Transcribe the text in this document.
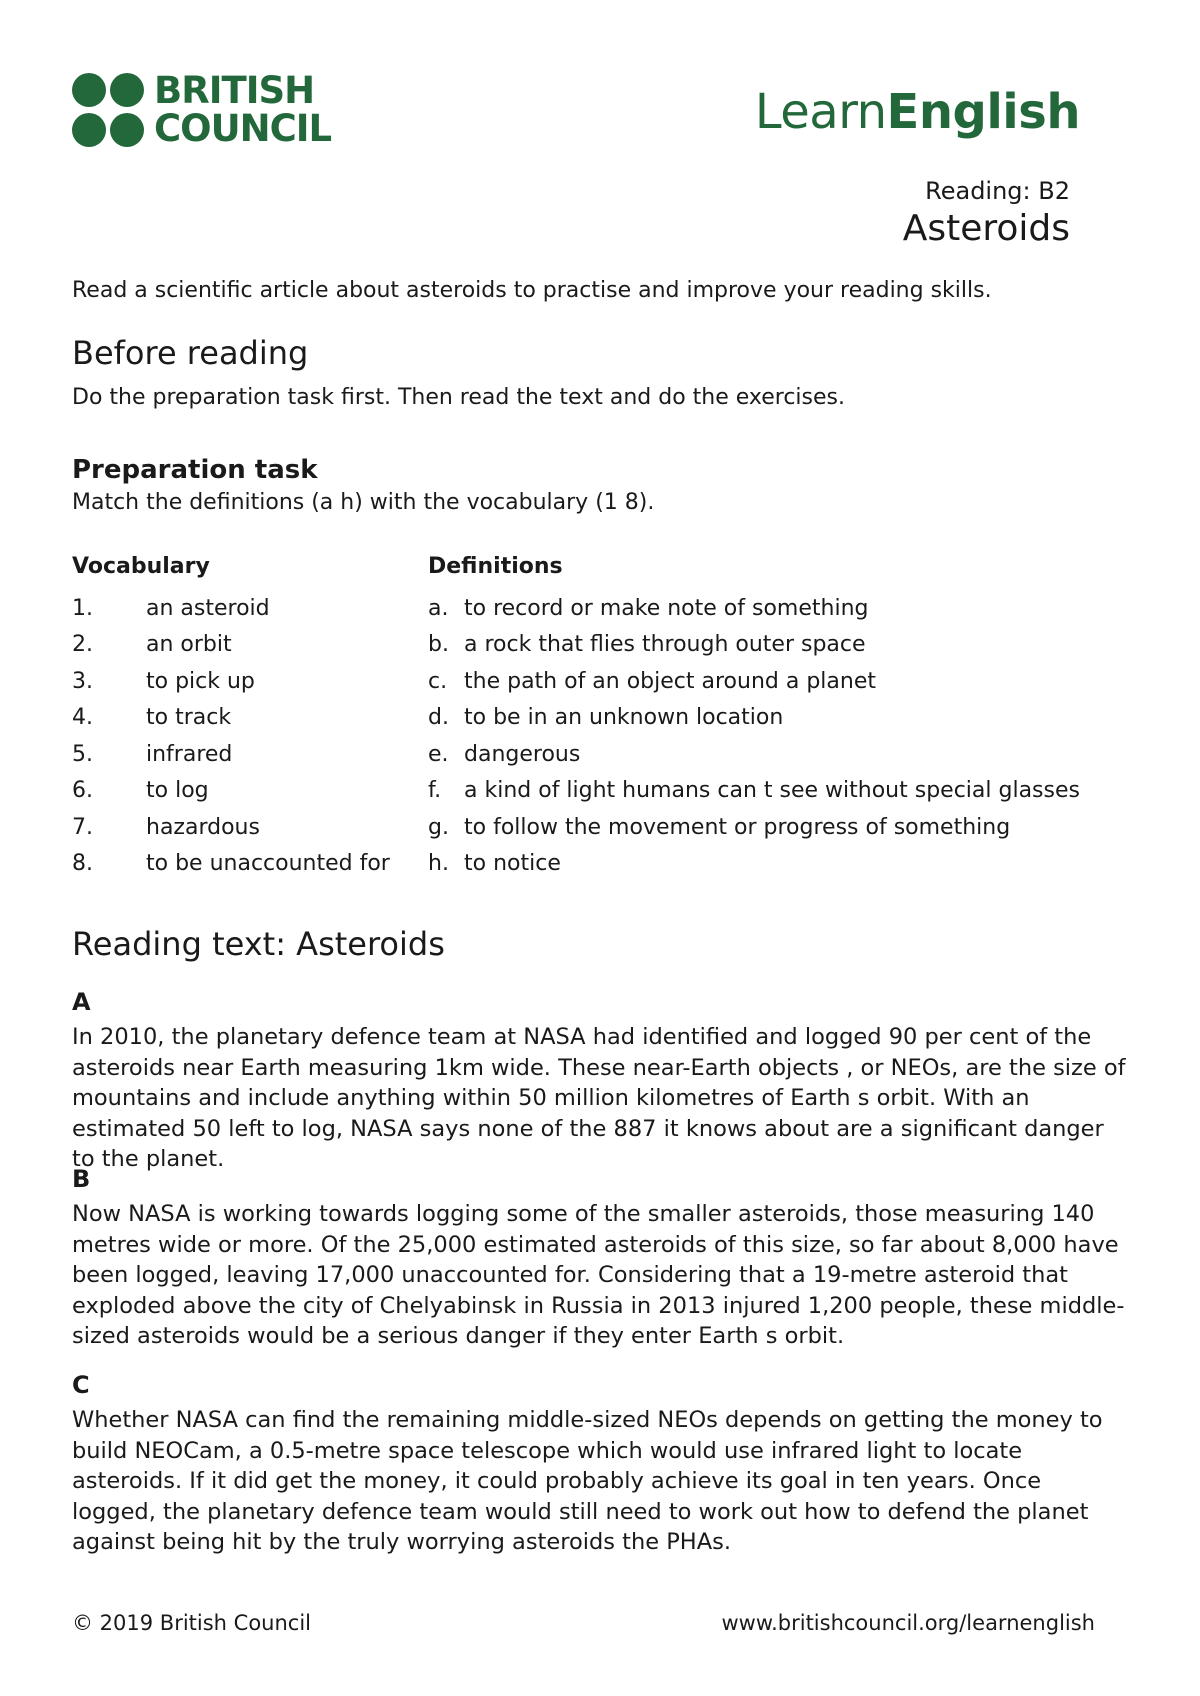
BRITISH
COUNCIL	LearnEnglish
Reading: B2
Asteroids
Read a scientific article about asteroids to practise and improve your reading skills.
Before reading
Do the preparation task first. Then read the text and do the exercises.
Preparation task
Match the definitions (a h) with the vocabulary (1 8).
Vocabulary	Definitions
1.	an asteroid	a. to record or make note of something
2.	an orbit	b. a rock that flies through outer space
3.	to pick up	c. the path of an object around a planet
4.	to track	d. to be in an unknown location
5.	infrared	e. dangerous
6.	to log	f.	a kind of light humans can t see without special glasses
7.	hazardous	g. to follow the movement or progress of something
8.	to be unaccounted for	h. to notice
Reading text: Asteroids
A

In 2010, the planetary defence team at NASA had identified and logged 90 per cent of the asteroids near Earth measuring 1km wide. These near-Earth objects , or NEOs, are the size of mountains and include anything within 50 million kilometres of Earth s orbit. With an estimated 50 left to log, NASA says none of the 887 it knows about are a significant danger to the planet.

B

Now NASA is working towards logging some of the smaller asteroids, those measuring 140 metres wide or more. Of the 25,000 estimated asteroids of this size, so far about 8,000 have been logged, leaving 17,000 unaccounted for. Considering that a 19-metre asteroid that exploded above the city of Chelyabinsk in Russia in 2013 injured 1,200 people, these middle-sized asteroids would be a serious danger if they enter Earth s orbit.

C

Whether NASA can find the remaining middle-sized NEOs depends on getting the money to build NEOCam, a 0.5-metre space telescope which would use infrared light to locate asteroids. If it did get the money, it could probably achieve its goal in ten years. Once logged, the planetary defence team would still need to work out how to defend the planet against being hit by the truly worrying asteroids the PHAs.

© 2019 British Council	www.britishcouncil.org/learnenglish
